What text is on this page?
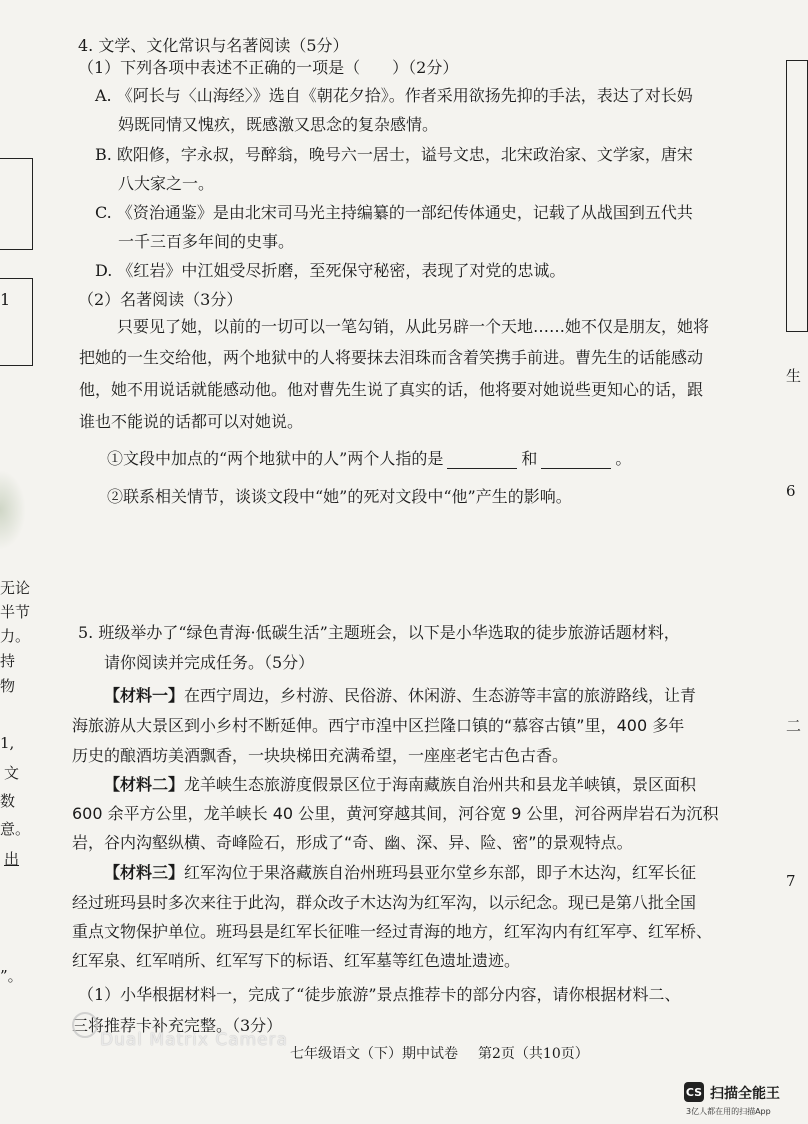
1
无论
半节
力。
持
物
1,
文
数
意。
出
”。
生
6
二
7
4. 文学、文化常识与名著阅读（5分）
（1）下列各项中表述不正确的一项是（　　）（2分）
A. 《阿长与〈山海经〉》选自《朝花夕拾》。作者采用欲扬先抑的手法，表达了对长妈
妈既同情又愧疚，既感激又思念的复杂感情。
B. 欧阳修，字永叔，号醉翁，晚号六一居士，谥号文忠，北宋政治家、文学家，唐宋
八大家之一。
C. 《资治通鉴》是由北宋司马光主持编纂的一部纪传体通史，记载了从战国到五代共
一千三百多年间的史事。
D. 《红岩》中江姐受尽折磨，至死保守秘密，表现了对党的忠诚。
（2）名著阅读（3分）
只要见了她，以前的一切可以一笔勾销，从此另辟一个天地……她不仅是朋友，她将
把她的一生交给他，两个地狱中的人将要抹去泪珠而含着笑携手前进。曹先生的话能感动
他，她不用说话就能感动他。他对曹先生说了真实的话，他将要对她说些更知心的话，跟
谁也不能说的话都可以对她说。
①文段中加点的“两个地狱中的人”两个人指的是	和	。
②联系相关情节，谈谈文段中“她”的死对文段中“他”产生的影响。
5. 班级举办了“绿色青海·低碳生活”主题班会，以下是小华选取的徒步旅游话题材料，
请你阅读并完成任务。（5分）
【材料一】在西宁周边，乡村游、民俗游、休闲游、生态游等丰富的旅游路线，让青
海旅游从大景区到小乡村不断延伸。西宁市湟中区拦隆口镇的“慕容古镇”里，400 多年
历史的酿酒坊美酒飘香，一块块梯田充满希望，一座座老宅古色古香。
【材料二】龙羊峡生态旅游度假景区位于海南藏族自治州共和县龙羊峡镇，景区面积
600 余平方公里，龙羊峡长 40 公里，黄河穿越其间，河谷宽 9 公里，河谷两岸岩石为沉积
岩，谷内沟壑纵横、奇峰险石，形成了“奇、幽、深、异、险、密”的景观特点。
【材料三】红军沟位于果洛藏族自治州班玛县亚尔堂乡东部，即子木达沟，红军长征
经过班玛县时多次来往于此沟，群众改子木达沟为红军沟，以示纪念。现已是第八批全国
重点文物保护单位。班玛县是红军长征唯一经过青海的地方，红军沟内有红军亭、红军桥、
红军泉、红军哨所、红军写下的标语、红军墓等红色遗址遗迹。
（1）小华根据材料一，完成了“徒步旅游”景点推荐卡的部分内容，请你根据材料二、
三将推荐卡补充完整。（3分）
Dual Matrix Camera
七年级语文（下）期中试卷 第2页（共10页）
CS 扫描全能王
3亿人都在用的扫描App
